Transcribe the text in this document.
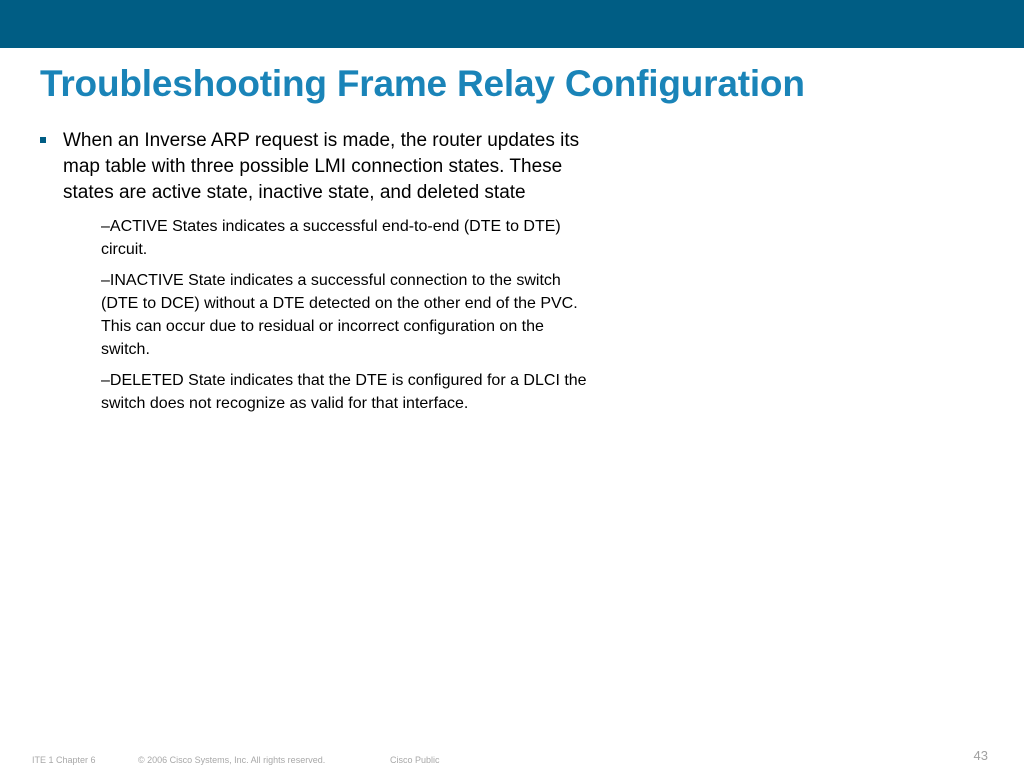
Troubleshooting Frame Relay Configuration
When an Inverse ARP request is made, the router updates its map table with three possible LMI connection states. These states are active state, inactive state, and deleted state
–ACTIVE States indicates a successful end-to-end (DTE to DTE) circuit.
–INACTIVE State indicates a successful connection to the switch (DTE to DCE) without a DTE detected on the other end of the PVC. This can occur due to residual or incorrect configuration on the switch.
–DELETED State indicates that the DTE is configured for a DLCI the switch does not recognize as valid for that interface.
ITE 1 Chapter 6	© 2006 Cisco Systems, Inc. All rights reserved.	Cisco Public	43
